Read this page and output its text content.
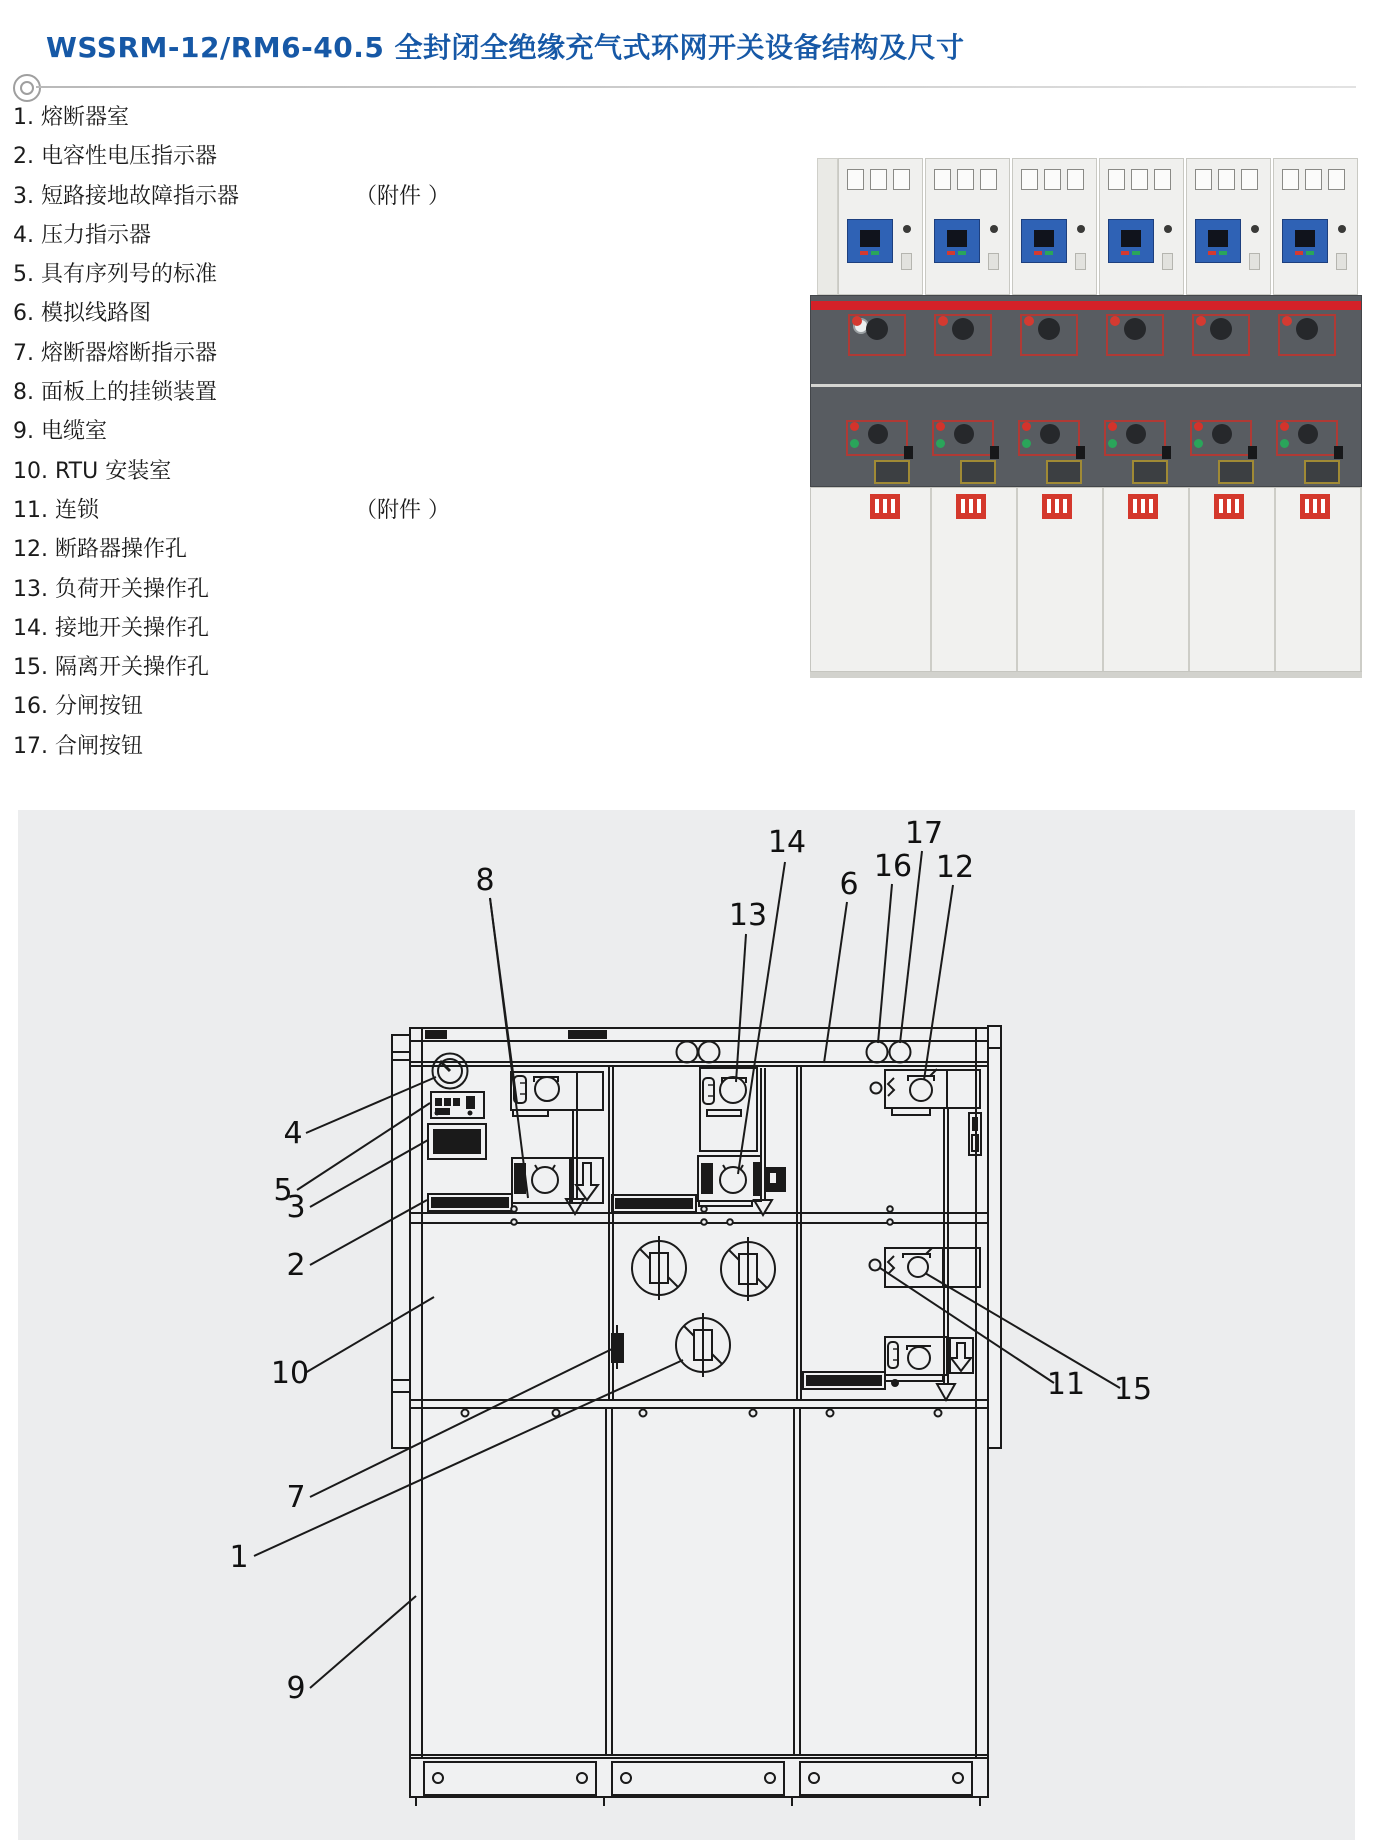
WSSRM-12/RM6-40.5 全封闭全绝缘充气式环网开关设备结构及尺寸
1. 熔断器室
2. 电容性电压指示器
3. 短路接地故障指示器	（附件 ）
4. 压力指示器
5. 具有序列号的标准
6. 模拟线路图
7. 熔断器熔断指示器
8. 面板上的挂锁装置
9. 电缆室
10. RTU 安装室
11. 连锁	（附件 ）
12. 断路器操作孔
13. 负荷开关操作孔
14. 接地开关操作孔
15. 隔离开关操作孔
16. 分闸按钮
17. 合闸按钮
8
13
14
6
16
17
12
4
5
3
2
10
7
1
9
11 15
